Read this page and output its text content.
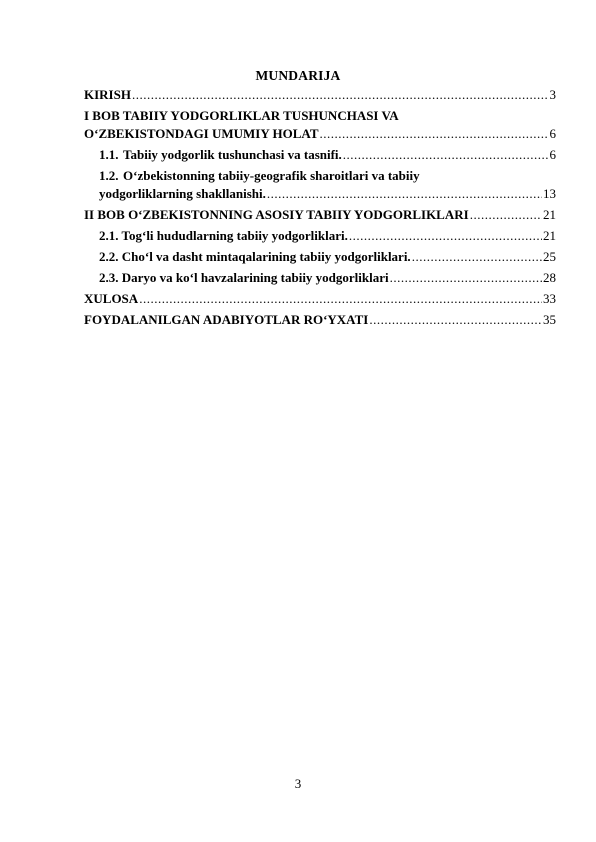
MUNDARIJA
KIRISH .....	3
I BOB TABIIY YODGORLIKLAR TUSHUNCHASI VA
O‘ZBEKISTONDAGI UMUMIY HOLAT .....	6
1.1. Tabiiy yodgorlik tushunchasi va tasnifi. .....	6
1.2. O‘zbekistonning tabiiy-geografik sharoitlari va tabiiy
yodgorliklarning shakllanishi. .....	13
II BOB O‘ZBEKISTONNING ASOSIY TABIIY YODGORLIKLARI .....	21
2.1. Tog‘li hududlarning tabiiy yodgorliklari. .....	21
2.2. Cho‘l va dasht mintaqalarining tabiiy yodgorliklari. .....	25
2.3. Daryo va ko‘l havzalarining tabiiy yodgorliklari .....	28
XULOSA .....	33
FOYDALANILGAN ADABIYOTLAR RO‘YXATI .....	35
3
